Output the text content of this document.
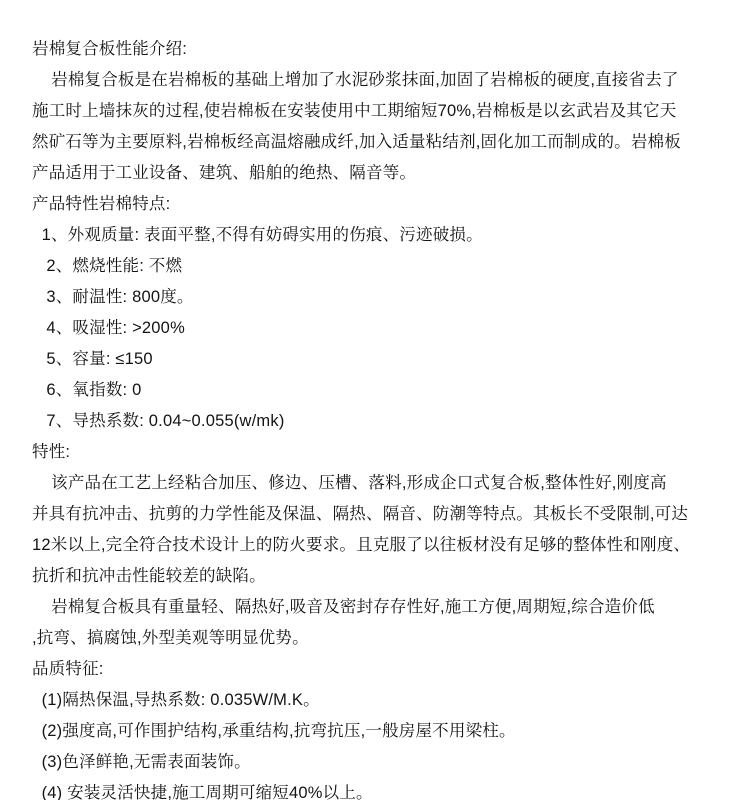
岩棉复合板性能介绍:
岩棉复合板是在岩棉板的基础上增加了水泥砂浆抹面,加固了岩棉板的硬度,直接省去了
施工时上墙抹灰的过程,使岩棉板在安装使用中工期缩短70%,岩棉板是以玄武岩及其它天
然矿石等为主要原料,岩棉板经高温熔融成纤,加入适量粘结剂,固化加工而制成的。岩棉板
产品适用于工业设备、建筑、船舶的绝热、隔音等。
产品特性岩棉特点:
1、外观质量: 表面平整,不得有妨碍实用的伤痕、污迹破损。
2、燃烧性能: 不燃
3、耐温性: 800度。
4、吸湿性: >200%
5、容量: ≤150
6、氧指数: 0
7、导热系数: 0.04~0.055(w/mk)
特性:
该产品在工艺上经粘合加压、修边、压槽、落料,形成企口式复合板,整体性好,刚度高
并具有抗冲击、抗剪的力学性能及保温、隔热、隔音、防潮等特点。其板长不受限制,可达
12米以上,完全符合技术设计上的防火要求。且克服了以往板材没有足够的整体性和刚度、
抗折和抗冲击性能较差的缺陷。
岩棉复合板具有重量轻、隔热好,吸音及密封存存性好,施工方便,周期短,综合造价低
,抗弯、搞腐蚀,外型美观等明显优势。
品质特征:
(1)隔热保温,导热系数: 0.035W/M.K。
(2)强度高,可作围护结构,承重结构,抗弯抗压,一般房屋不用梁柱。
(3)色泽鲜艳,无需表面装饰。
(4) 安装灵活快捷,施工周期可缩短40%以上。
